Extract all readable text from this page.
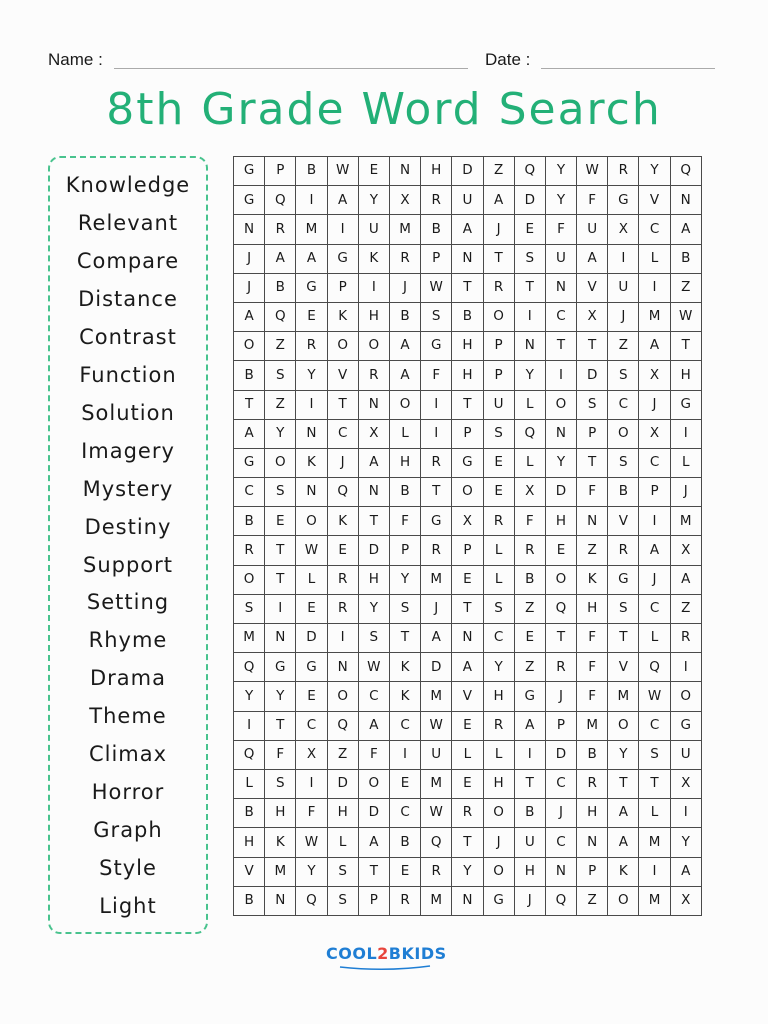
Name :	Date :
8th Grade Word Search
Knowledge
Relevant
Compare
Distance
Contrast
Function
Solution
Imagery
Mystery
Destiny
Support
Setting
Rhyme
Drama
Theme
Climax
Horror
Graph
Style
Light
G	P	B	W	E	N	H	D	Z	Q	Y	W	R	Y	Q
G	Q	I	A	Y	X	R	U	A	D	Y	F	G	V	N
N	R	M	I	U	M	B	A	J	E	F	U	X	C	A
J	A	A	G	K	R	P	N	T	S	U	A	I	L	B
J	B	G	P	I	J	W	T	R	T	N	V	U	I	Z
A	Q	E	K	H	B	S	B	O	I	C	X	J	M	W
O	Z	R	O	O	A	G	H	P	N	T	T	Z	A	T
B	S	Y	V	R	A	F	H	P	Y	I	D	S	X	H
T	Z	I	T	N	O	I	T	U	L	O	S	C	J	G
A	Y	N	C	X	L	I	P	S	Q	N	P	O	X	I
G	O	K	J	A	H	R	G	E	L	Y	T	S	C	L
C	S	N	Q	N	B	T	O	E	X	D	F	B	P	J
B	E	O	K	T	F	G	X	R	F	H	N	V	I	M
R	T	W	E	D	P	R	P	L	R	E	Z	R	A	X
O	T	L	R	H	Y	M	E	L	B	O	K	G	J	A
S	I	E	R	Y	S	J	T	S	Z	Q	H	S	C	Z
M	N	D	I	S	T	A	N	C	E	T	F	T	L	R
Q	G	G	N	W	K	D	A	Y	Z	R	F	V	Q	I
Y	Y	E	O	C	K	M	V	H	G	J	F	M	W	O
I	T	C	Q	A	C	W	E	R	A	P	M	O	C	G
Q	F	X	Z	F	I	U	L	L	I	D	B	Y	S	U
L	S	I	D	O	E	M	E	H	T	C	R	T	T	X
B	H	F	H	D	C	W	R	O	B	J	H	A	L	I
H	K	W	L	A	B	Q	T	J	U	C	N	A	M	Y
V	M	Y	S	T	E	R	Y	O	H	N	P	K	I	A
B	N	Q	S	P	R	M	N	G	J	Q	Z	O	M	X
COOL2BKIDS
